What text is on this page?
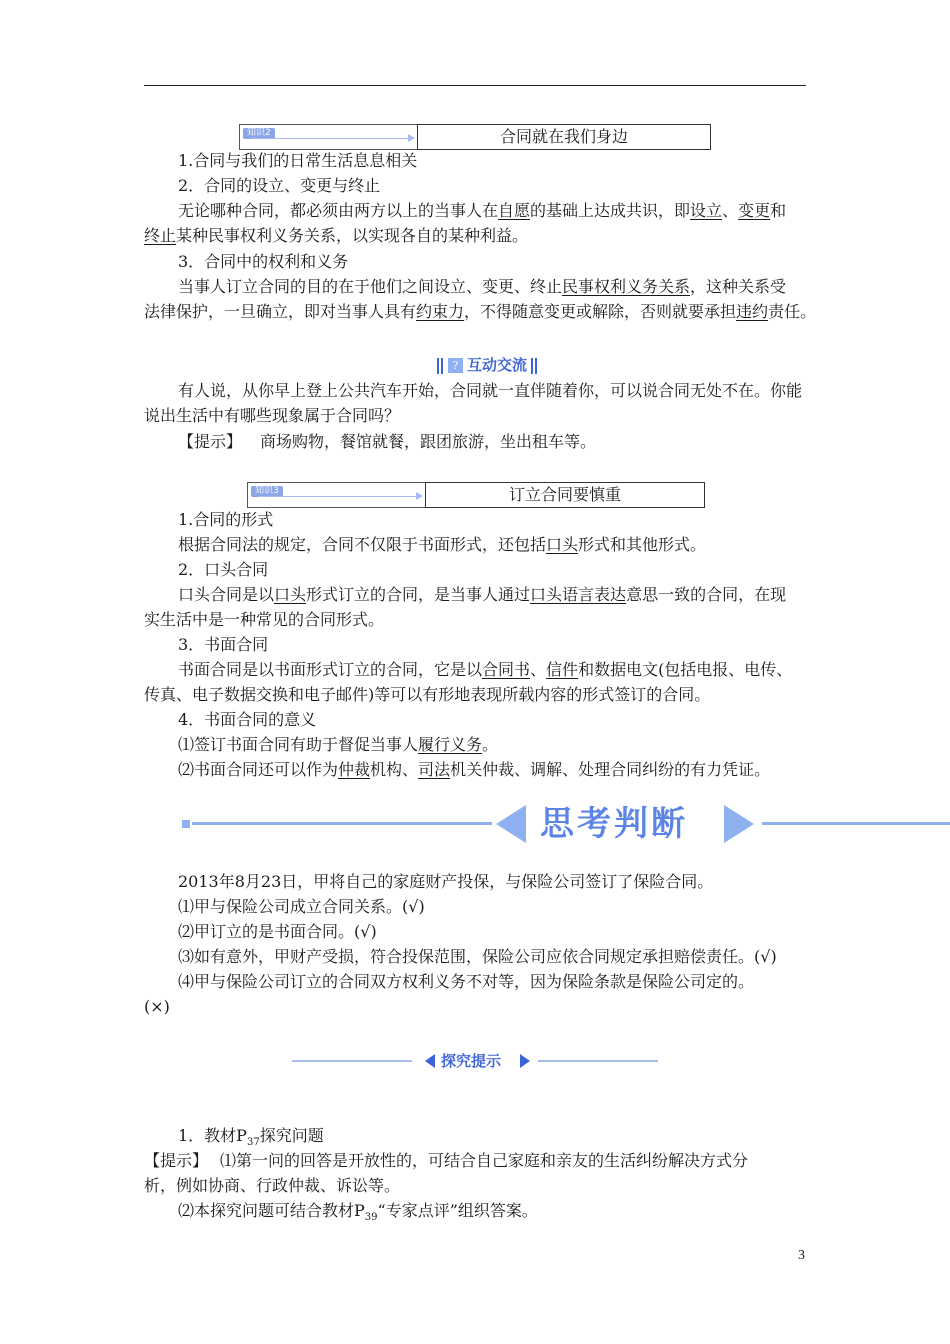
知识2	合同就在我们身边
1.合同与我们的日常生活息息相关
2．合同的设立、变更与终止
无论哪种合同，都必须由两方以上的当事人在自愿的基础上达成共识，即设立、变更和
终止某种民事权利义务关系，以实现各自的某种利益。
3．合同中的权利和义务
当事人订立合同的目的在于他们之间设立、变更、终止民事权利义务关系，这种关系受
法律保护，一旦确立，即对当事人具有约束力，不得随意变更或解除，否则就要承担违约责任。
? 互动交流
有人说，从你早上登上公共汽车开始，合同就一直伴随着你，可以说合同无处不在。你能
说出生活中有哪些现象属于合同吗？
【提示】 商场购物，餐馆就餐，跟团旅游，坐出租车等。
知识3	订立合同要慎重
1.合同的形式
根据合同法的规定，合同不仅限于书面形式，还包括口头形式和其他形式。
2．口头合同
口头合同是以口头形式订立的合同，是当事人通过口头语言表达意思一致的合同，在现
实生活中是一种常见的合同形式。
3．书面合同
书面合同是以书面形式订立的合同，它是以合同书、信件和数据电文(包括电报、电传、
传真、电子数据交换和电子邮件)等可以有形地表现所载内容的形式签订的合同。
4．书面合同的意义
⑴签订书面合同有助于督促当事人履行义务。
⑵书面合同还可以作为仲裁机构、司法机关仲裁、调解、处理合同纠纷的有力凭证。
思考判断
2013年8月23日，甲将自己的家庭财产投保，与保险公司签订了保险合同。
⑴甲与保险公司成立合同关系。(√)
⑵甲订立的是书面合同。(√)
⑶如有意外，甲财产受损，符合投保范围，保险公司应依合同规定承担赔偿责任。(√)
⑷甲与保险公司订立的合同双方权利义务不对等，因为保险条款是保险公司定的。
(×)
探究提示
1．教材$P_{37}$探究问题
【提示】 ⑴第一问的回答是开放性的，可结合自己家庭和亲友的生活纠纷解决方式分
析，例如协商、行政仲裁、诉讼等。
⑵本探究问题可结合教材$P_{39}“$专家点评”组织答案。
3
